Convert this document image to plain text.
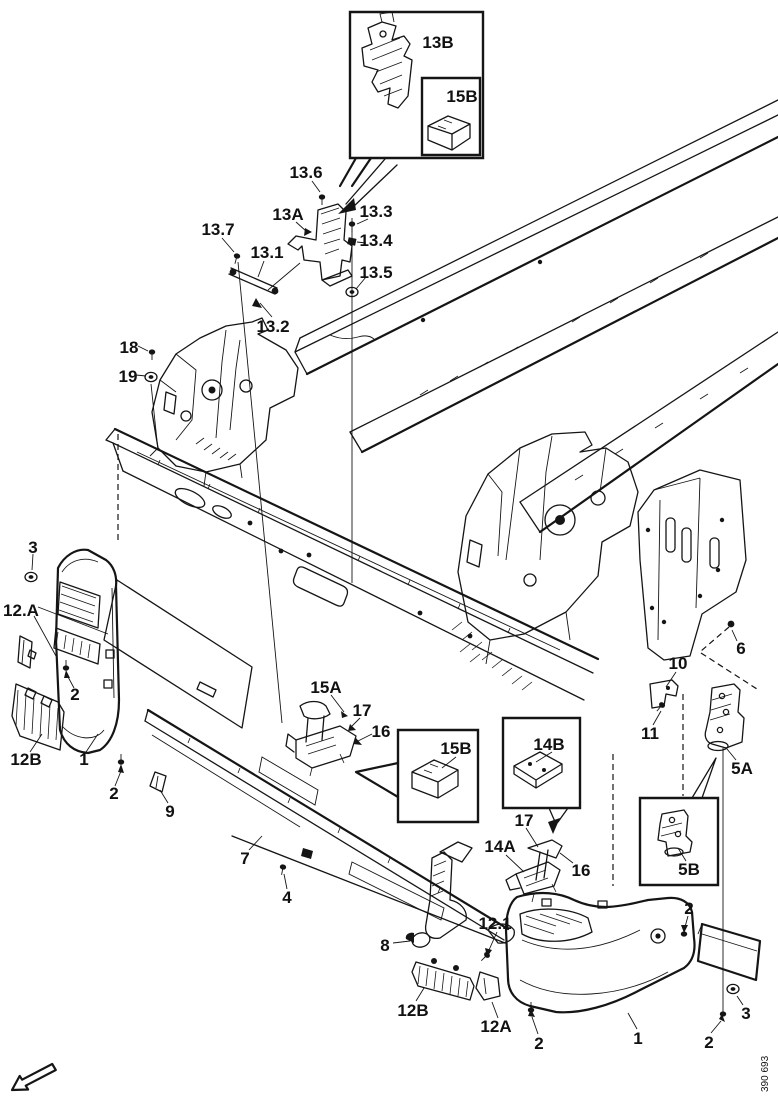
13B
15B
13.6
13A	13.3
13.4
13.5
13.7
13.1
13.2
18
19
3
12.A
2
12B 1
2
15A
17
16
15B	14B
17
14A
16
6
10
11
5A
5B
9
7
4
8
12B
12.1
12A
2
3
2
1
2
390 693
